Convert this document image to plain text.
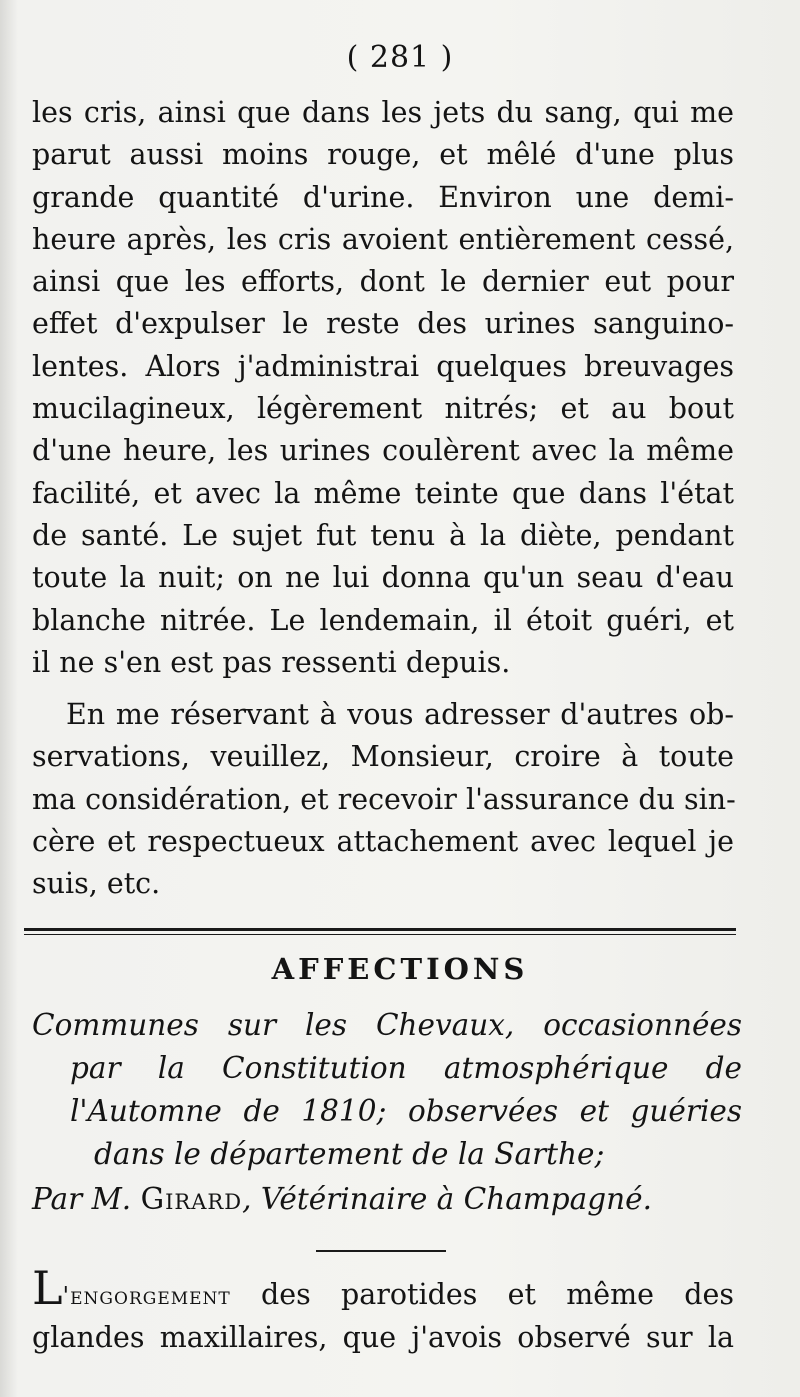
( 281 )
les cris, ainsi que dans les jets du sang, qui me
parut aussi moins rouge, et mêlé d'une plus
grande quantité d'urine. Environ une demi-
heure après, les cris avoient entièrement cessé,
ainsi que les efforts, dont le dernier eut pour
effet d'expulser le reste des urines sanguino-
lentes. Alors j'administrai quelques breuvages
mucilagineux, légèrement nitrés; et au bout
d'une heure, les urines coulèrent avec la même
facilité, et avec la même teinte que dans l'état
de santé. Le sujet fut tenu à la diète, pendant
toute la nuit; on ne lui donna qu'un seau d'eau
blanche nitrée. Le lendemain, il étoit guéri, et
il ne s'en est pas ressenti depuis.
En me réservant à vous adresser d'autres ob-
servations, veuillez, Monsieur, croire à toute
ma considération, et recevoir l'assurance du sin-
cère et respectueux attachement avec lequel je
suis, etc.
AFFECTIONS
Communes sur les Chevaux, occasionnées
par la Constitution atmosphérique de
l'Automne de 1810; observées et guéries
dans le département de la Sarthe;
Par M. Girard, Vétérinaire à Champagné.
L'engorgement des parotides et même des glandes maxillaires, que j'avois observé sur la
